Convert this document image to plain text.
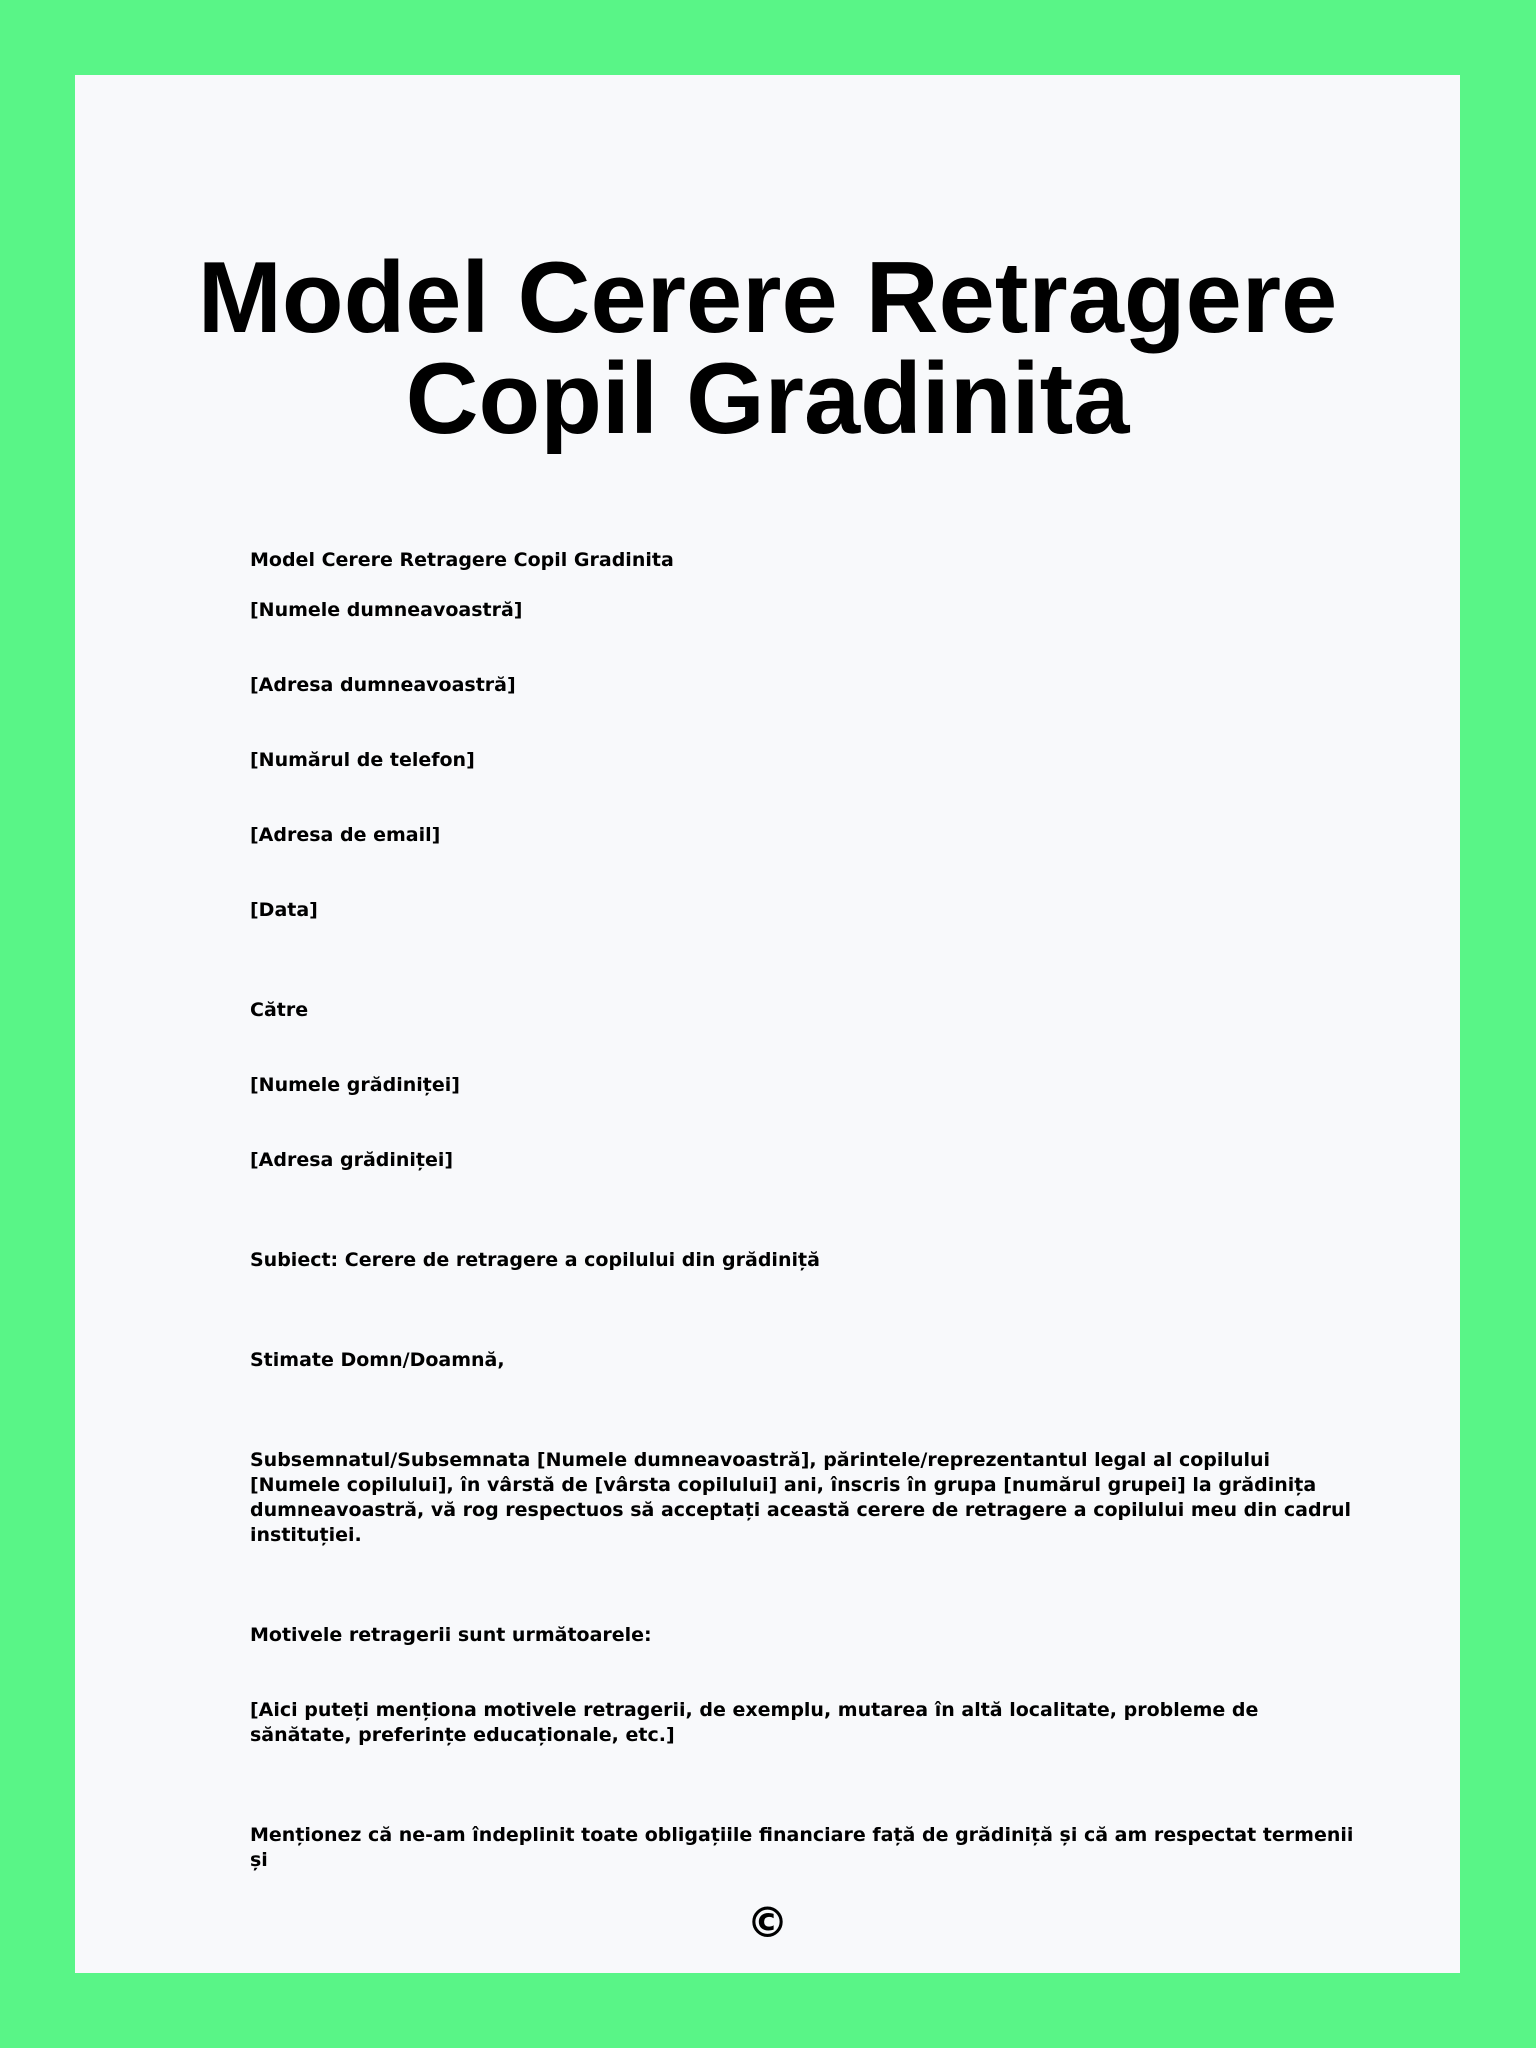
Model Cerere Retragere
Copil Gradinita

Model Cerere Retragere Copil Gradinita

[Numele dumneavoastră]

[Adresa dumneavoastră]

[Numărul de telefon]

[Adresa de email]

[Data]

Către

[Numele grădiniței]

[Adresa grădiniței]

Subiect: Cerere de retragere a copilului din grădiniță

Stimate Domn/Doamnă,

Subsemnatul/Subsemnata [Numele dumneavoastră], părintele/reprezentantul legal al copilului [Numele copilului], în vârstă de [vârsta copilului] ani, înscris în grupa [numărul grupei] la grădinița dumneavoastră, vă rog respectuos să acceptați această cerere de retragere a copilului meu din cadrul instituției.

Motivele retragerii sunt următoarele:

[Aici puteți menționa motivele retragerii, de exemplu, mutarea în altă localitate, probleme de sănătate, preferințe educaționale, etc.]

Menționez că ne-am îndeplinit toate obligațiile financiare față de grădiniță și că am respectat termenii și

©
